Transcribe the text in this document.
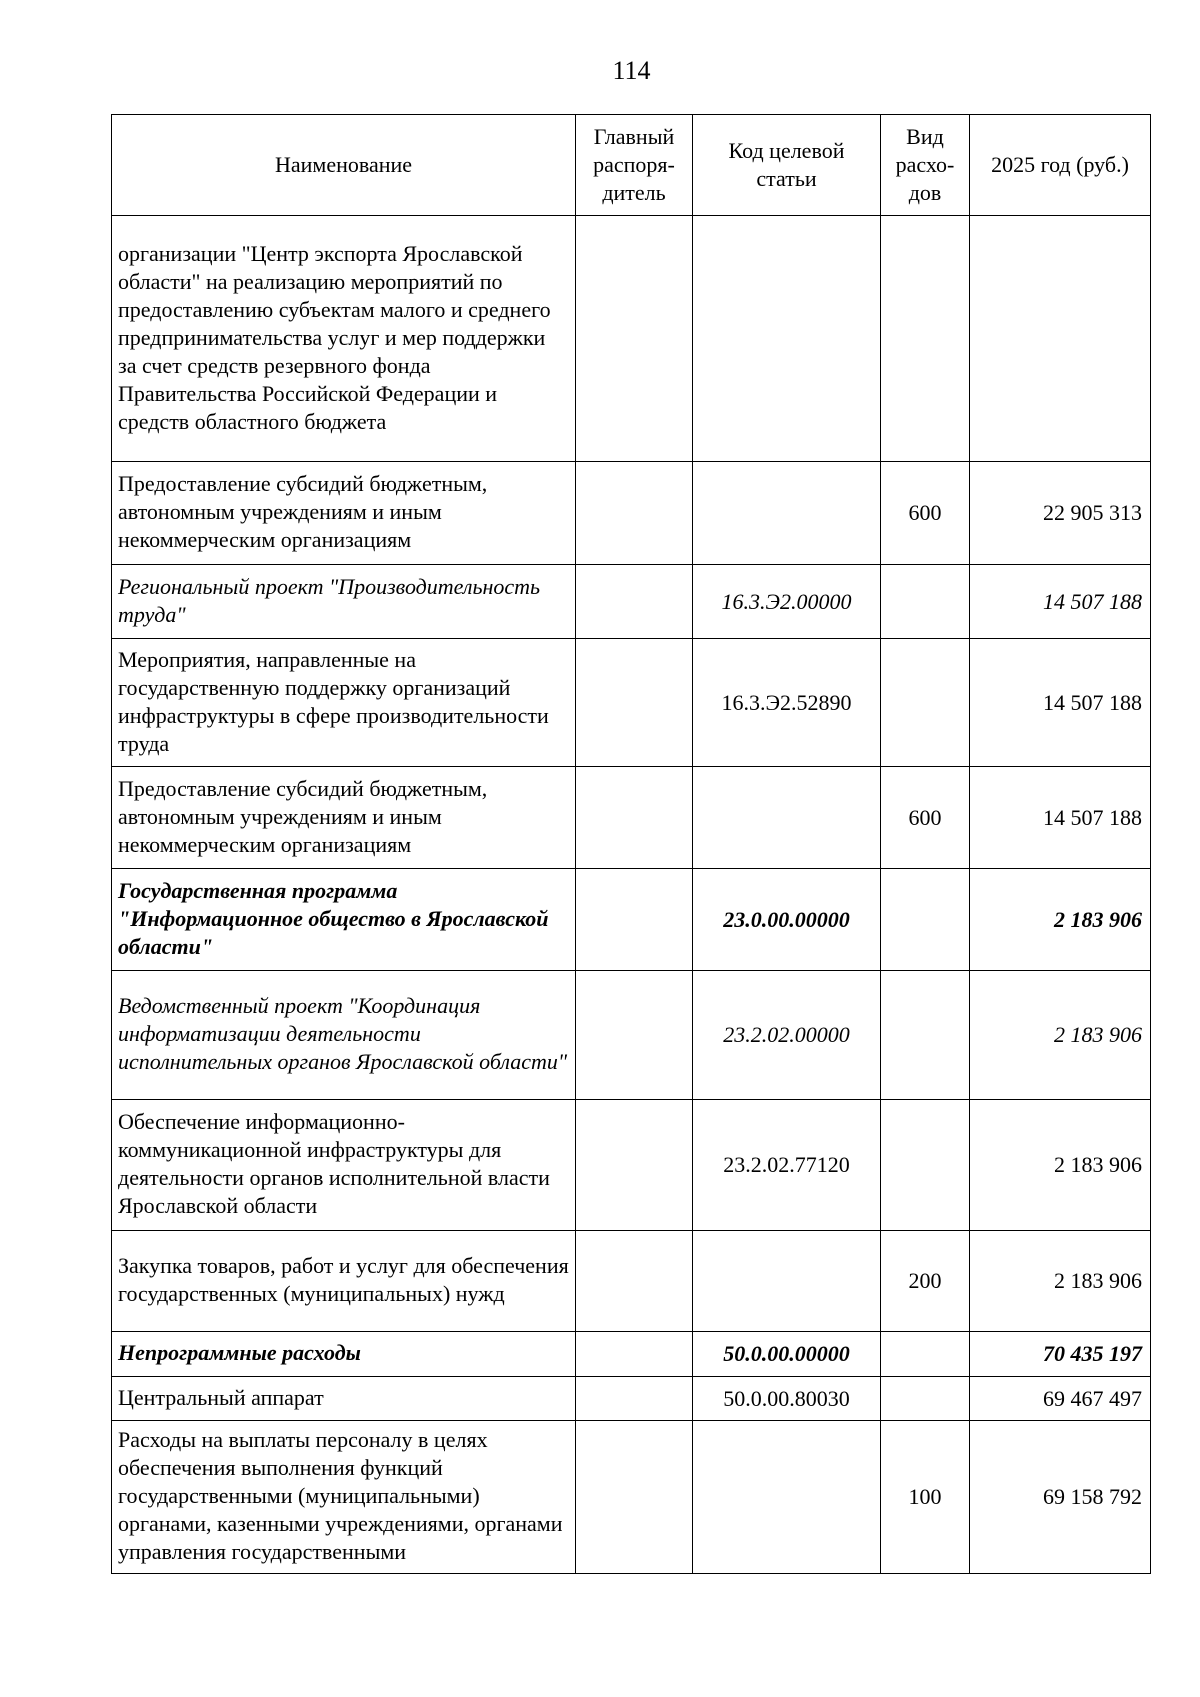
114
Наименование	Главный распоря-дитель	Код целевой статьи	Вид расхо-дов	2025 год (руб.)
организации "Центр экспорта Ярославской области" на реализацию мероприятий по предоставлению субъектам малого и среднего предпринимательства услуг и мер поддержки за счет средств резервного фонда Правительства Российской Федерации и средств областного бюджета				
Предоставление субсидий бюджетным, автономным учреждениям и иным некоммерческим организациям			600	22 905 313
Региональный проект "Производительность труда"		16.3.Э2.00000		14 507 188
Мероприятия, направленные на государственную поддержку организаций инфраструктуры в сфере производительности труда		16.3.Э2.52890		14 507 188
Предоставление субсидий бюджетным, автономным учреждениям и иным некоммерческим организациям			600	14 507 188
Государственная программа "Информационное общество в Ярославской области"		23.0.00.00000		2 183 906
Ведомственный проект "Координация информатизации деятельности исполнительных органов Ярославской области"		23.2.02.00000		2 183 906
Обеспечение информационно-коммуникационной инфраструктуры для деятельности органов исполнительной власти Ярославской области		23.2.02.77120		2 183 906
Закупка товаров, работ и услуг для обеспечения государственных (муниципальных) нужд			200	2 183 906
Непрограммные расходы		50.0.00.00000		70 435 197
Центральный аппарат		50.0.00.80030		69 467 497
Расходы на выплаты персоналу в целях обеспечения выполнения функций государственными (муниципальными) органами, казенными учреждениями, органами управления государственными			100	69 158 792
